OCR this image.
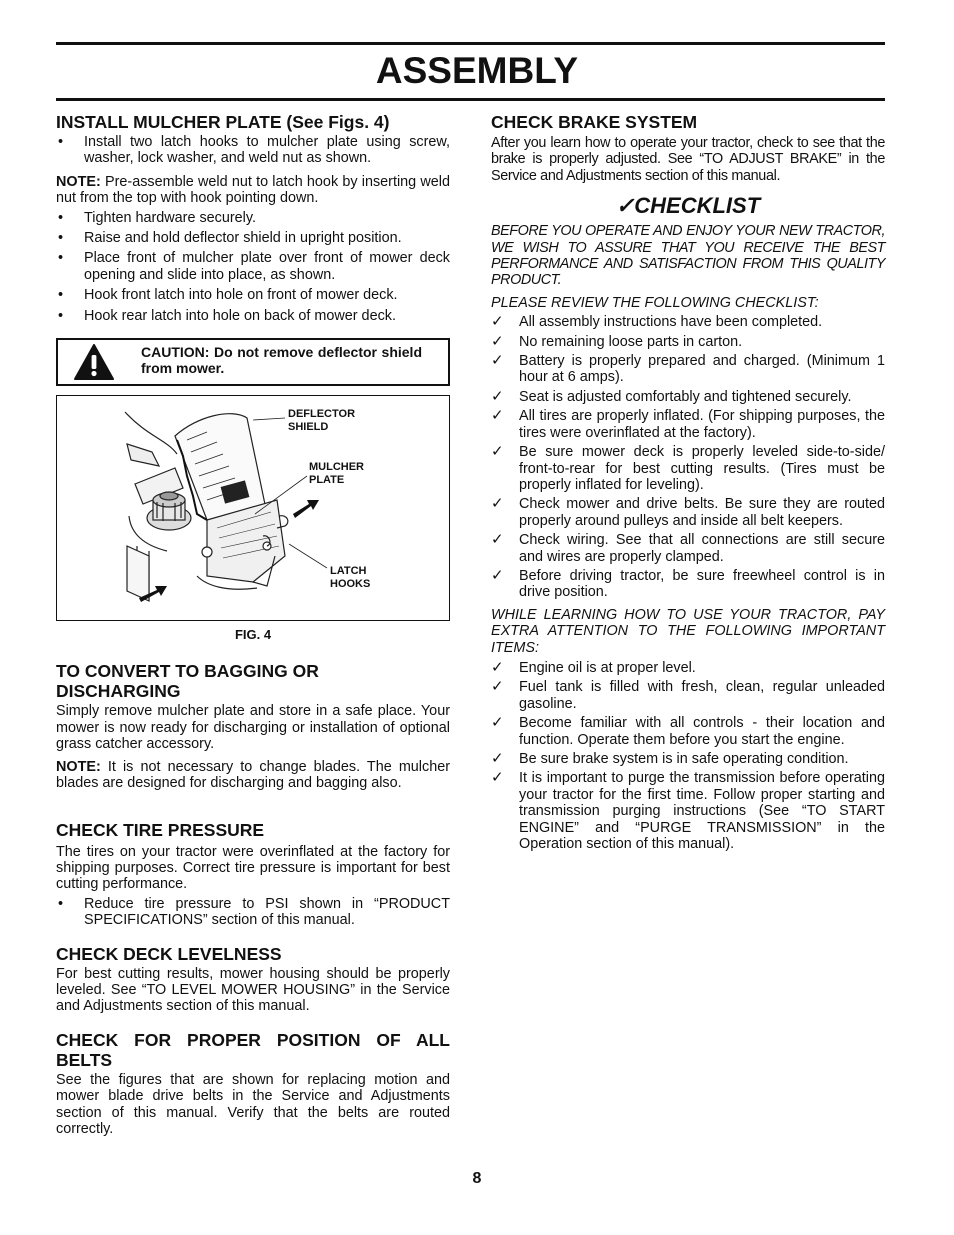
ASSEMBLY
INSTALL MULCHER PLATE (See Figs. 4)
• Install two latch hooks to mulcher plate using screw, washer, lock washer, and weld nut as shown.

NOTE: Pre-assemble weld nut to latch hook by inserting weld nut from the top with hook pointing down.

• Tighten hardware securely.
• Raise and hold deflector shield in upright position.
• Place front of mulcher plate over front of mower deck opening and slide into place, as shown.
• Hook front latch into hole on front of mower deck.
• Hook rear latch into hole on back of mower deck.
CAUTION: Do not remove deflector shield from mower.
DEFLECTOR
SHIELD
MULCHER
PLATE
LATCH
HOOKS
FIG. 4
TO CONVERT TO BAGGING OR
DISCHARGING

Simply remove mulcher plate and store in a safe place. Your mower is now ready for discharging or installation of optional grass catcher accessory.

NOTE: It is not necessary to change blades. The mulcher blades are designed for discharging and bagging also.

CHECK TIRE PRESSURE

The tires on your tractor were overinflated at the factory for shipping purposes. Correct tire pressure is important for best cutting performance.

• Reduce tire pressure to PSI shown in “PRODUCT SPECIFICATIONS” section of this manual.
CHECK DECK LEVELNESS

For best cutting results, mower housing should be properly leveled. See “TO LEVEL MOWER HOUSING” in the Service and Adjustments section of this manual.

CHECK FOR PROPER POSITION OF ALL BELTS

See the figures that are shown for replacing motion and mower blade drive belts in the Service and Adjustments section of this manual. Verify that the belts are routed correctly.

CHECK BRAKE SYSTEM

After you learn how to operate your tractor, check to see that the brake is properly adjusted. See “TO ADJUST BRAKE” in the Service and Adjustments section of this manual.

✓CHECKLIST

BEFORE YOU OPERATE AND ENJOY YOUR NEW TRACTOR, WE WISH TO ASSURE THAT YOU RECEIVE THE BEST PERFORMANCE AND SATISFACTION FROM THIS QUALITY PRODUCT.

PLEASE REVIEW THE FOLLOWING CHECKLIST:

✓ All assembly instructions have been completed.
✓ No remaining loose parts in carton.
✓ Battery is properly prepared and charged. (Minimum 1 hour at 6 amps).
✓ Seat is adjusted comfortably and tightened securely.
✓ All tires are properly inflated. (For shipping purposes, the tires were overinflated at the factory).
✓ Be sure mower deck is properly leveled side-to-side/ front-to-rear for best cutting results. (Tires must be properly inflated for leveling).
✓ Check mower and drive belts. Be sure they are routed properly around pulleys and inside all belt keepers.
✓ Check wiring. See that all connections are still secure and wires are properly clamped.
✓ Before driving tractor, be sure freewheel control is in drive position.

WHILE LEARNING HOW TO USE YOUR TRACTOR, PAY EXTRA ATTENTION TO THE FOLLOWING IMPORTANT ITEMS:

✓ Engine oil is at proper level.
✓ Fuel tank is filled with fresh, clean, regular unleaded gasoline.
✓ Become familiar with all controls - their location and function. Operate them before you start the engine.
✓ Be sure brake system is in safe operating condition.
✓ It is important to purge the transmission before operating your tractor for the first time. Follow proper starting and transmission purging instructions (See “TO START ENGINE” and “PURGE TRANSMISSION” in the Operation section of this manual).
8
